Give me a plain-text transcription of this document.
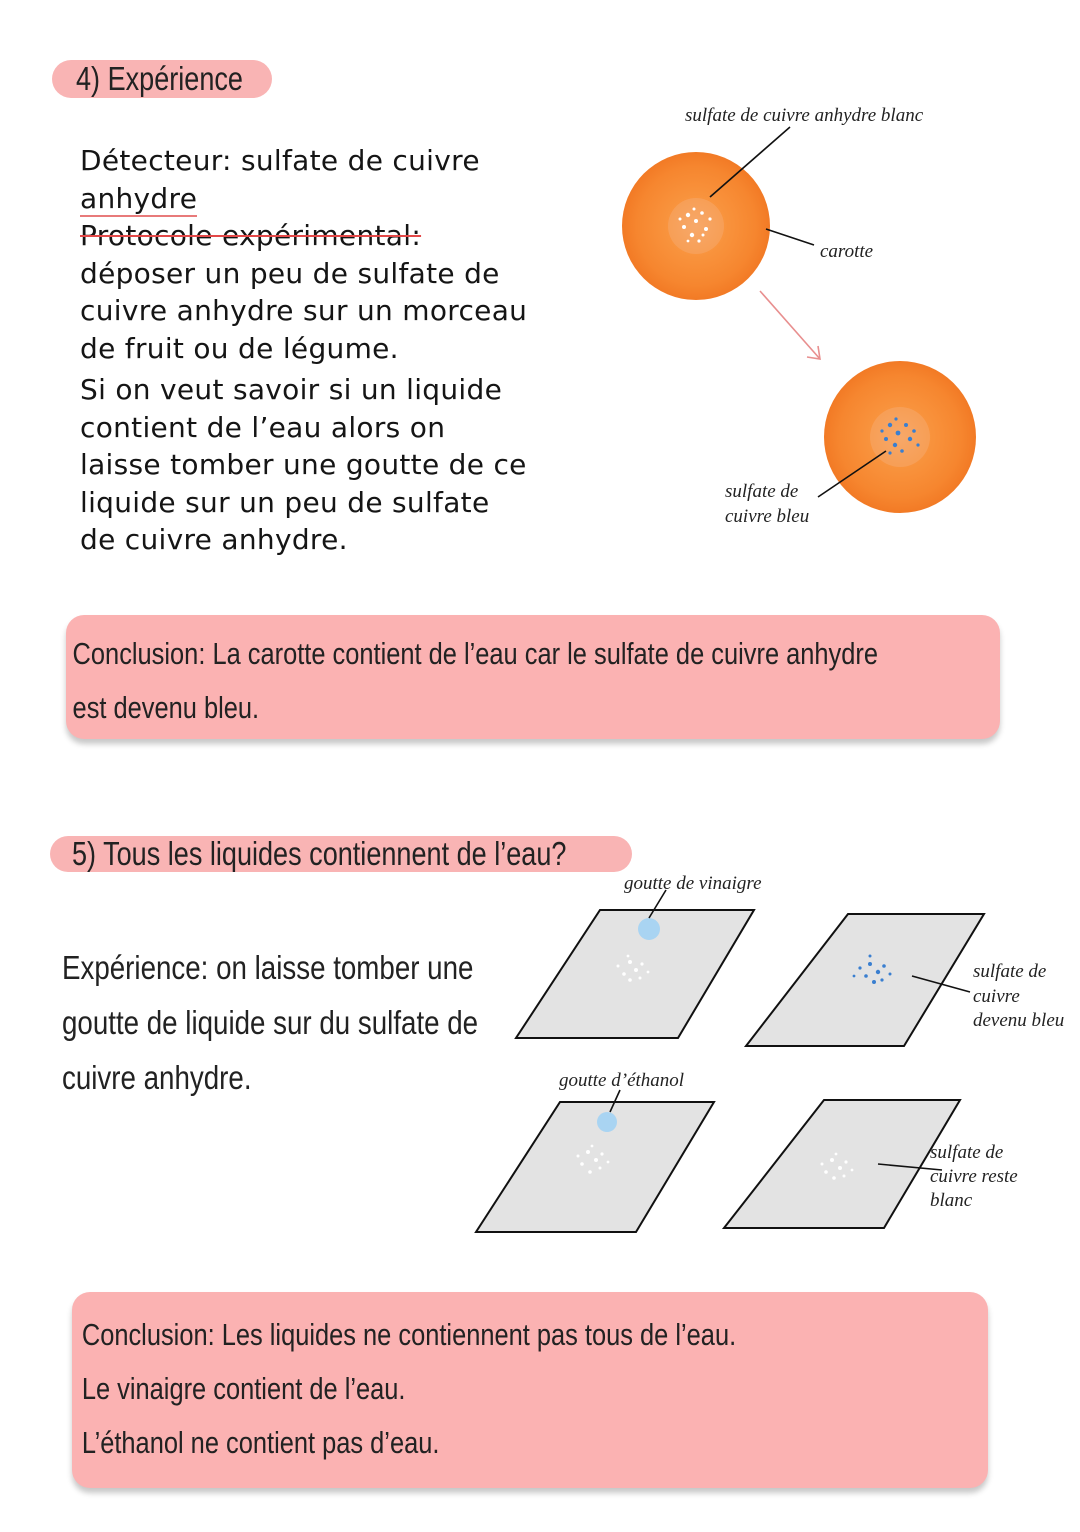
4) Expérience
Détecteur: sulfate de cuivre
anhydre
Protocole expérimental:
déposer un peu de sulfate de
cuivre anhydre sur un morceau
de fruit ou de légume.
Si on veut savoir si un liquide
contient de l’eau alors on
laisse tomber une goutte de ce
liquide sur un peu de sulfate
de cuivre anhydre.
sulfate de cuivre anhydre blanc
carotte
sulfate de
cuivre bleu
Conclusion: La carotte contient de l’eau car le sulfate de cuivre anhydre
est devenu bleu.
5) Tous les liquides contiennent de l’eau?
Expérience: on laisse tomber une
goutte de liquide sur du sulfate de
cuivre anhydre.
goutte de vinaigre
sulfate de
cuivre
devenu bleu
goutte d’éthanol
sulfate de
cuivre reste
blanc
Conclusion: Les liquides ne contiennent pas tous de l’eau.
Le vinaigre contient de l’eau.
L’éthanol ne contient pas d’eau.
